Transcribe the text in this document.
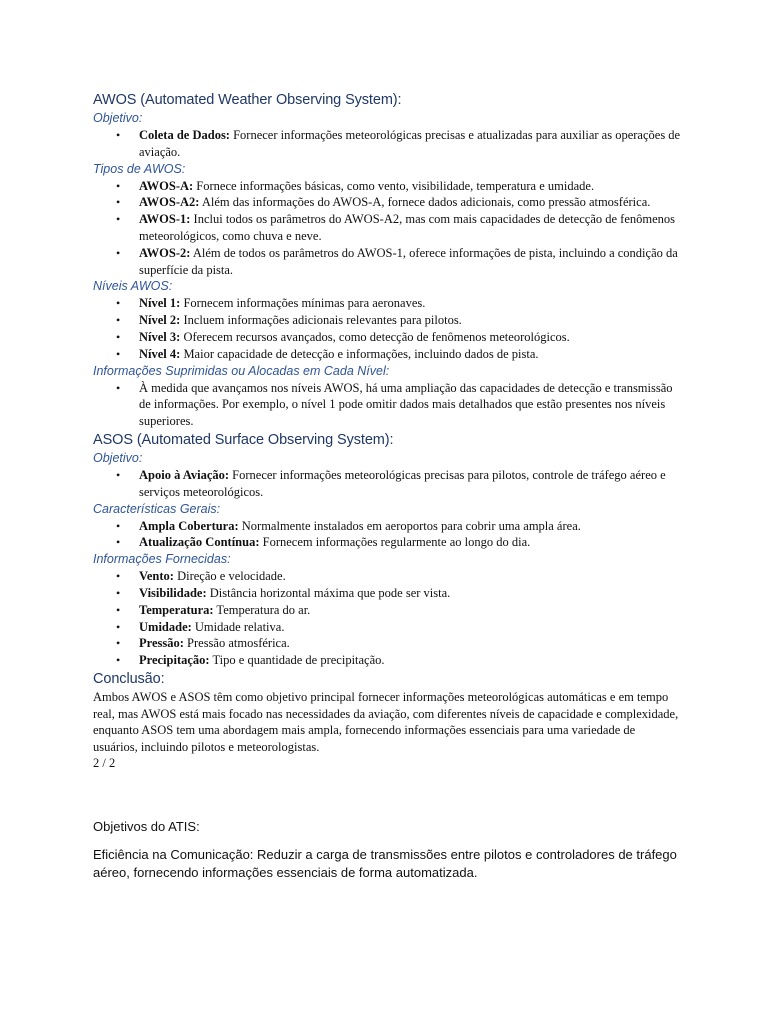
AWOS (Automated Weather Observing System):
Objetivo:
• Coleta de Dados: Fornecer informações meteorológicas precisas e atualizadas para auxiliar as operações de aviação.
Tipos de AWOS:
• AWOS-A: Fornece informações básicas, como vento, visibilidade, temperatura e umidade.
• AWOS-A2: Além das informações do AWOS-A, fornece dados adicionais, como pressão atmosférica.
• AWOS-1: Inclui todos os parâmetros do AWOS-A2, mas com mais capacidades de detecção de fenômenos meteorológicos, como chuva e neve.
• AWOS-2: Além de todos os parâmetros do AWOS-1, oferece informações de pista, incluindo a condição da superfície da pista.
Níveis AWOS:
• Nível 1: Fornecem informações mínimas para aeronaves.
• Nível 2: Incluem informações adicionais relevantes para pilotos.
• Nível 3: Oferecem recursos avançados, como detecção de fenômenos meteorológicos.
• Nível 4: Maior capacidade de detecção e informações, incluindo dados de pista.
Informações Suprimidas ou Alocadas em Cada Nível:
• À medida que avançamos nos níveis AWOS, há uma ampliação das capacidades de detecção e transmissão de informações. Por exemplo, o nível 1 pode omitir dados mais detalhados que estão presentes nos níveis superiores.
ASOS (Automated Surface Observing System):
Objetivo:
• Apoio à Aviação: Fornecer informações meteorológicas precisas para pilotos, controle de tráfego aéreo e serviços meteorológicos.
Características Gerais:
• Ampla Cobertura: Normalmente instalados em aeroportos para cobrir uma ampla área.
• Atualização Contínua: Fornecem informações regularmente ao longo do dia.
Informações Fornecidas:
• Vento: Direção e velocidade.
• Visibilidade: Distância horizontal máxima que pode ser vista.
• Temperatura: Temperatura do ar.
• Umidade: Umidade relativa.
• Pressão: Pressão atmosférica.
• Precipitação: Tipo e quantidade de precipitação.
Conclusão:

Ambos AWOS e ASOS têm como objetivo principal fornecer informações meteorológicas automáticas e em tempo real, mas AWOS está mais focado nas necessidades da aviação, com diferentes níveis de capacidade e complexidade, enquanto ASOS tem uma abordagem mais ampla, fornecendo informações essenciais para uma variedade de usuários, incluindo pilotos e meteorologistas.

2 / 2

Objetivos do ATIS:

Eficiência na Comunicação: Reduzir a carga de transmissões entre pilotos e controladores de tráfego aéreo, fornecendo informações essenciais de forma automatizada.
